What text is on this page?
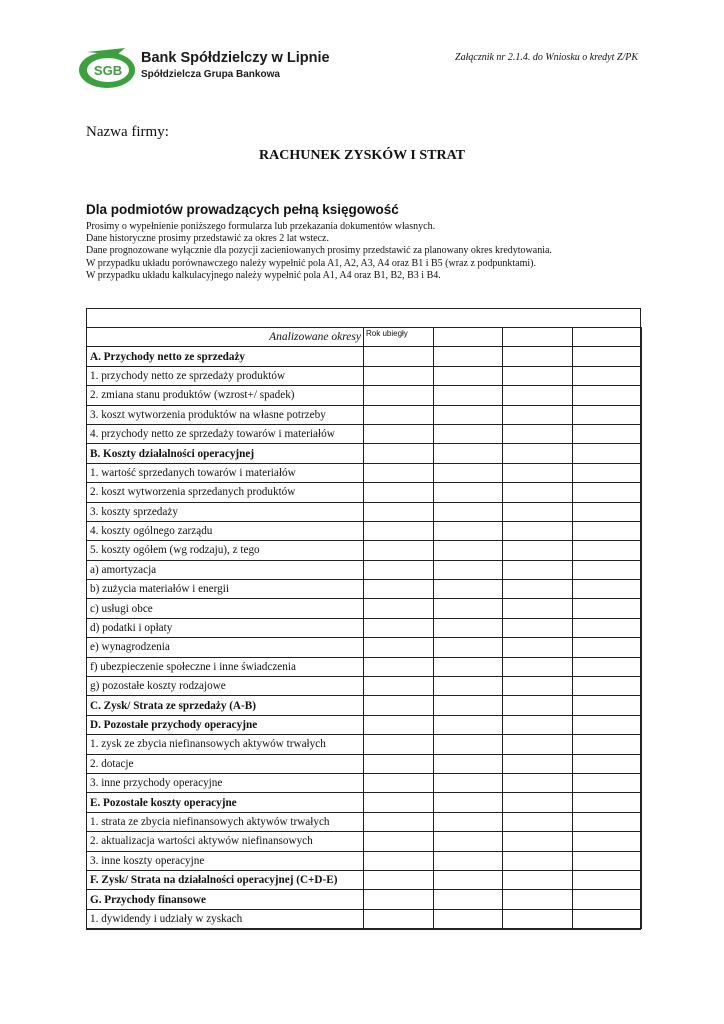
SGB
Bank Spółdzielczy w Lipnie
Spółdzielcza Grupa Bankowa
Załącznik nr 2.1.4. do Wniosku o kredyt Z/PK
Nazwa firmy:
RACHUNEK ZYSKÓW I STRAT
Dla podmiotów prowadzących pełną księgowość
Prosimy o wypełnienie poniższego formularza lub przekazania dokumentów własnych.
Dane historyczne prosimy przedstawić za okres 2 lat wstecz.
Dane prognozowane wyłącznie dla pozycji zacieniowanych prosimy przedstawić za planowany okres kredytowania.
W przypadku układu porównawczego należy wypełnić pola A1, A2, A3, A4 oraz B1 i B5 (wraz z podpunktami).
W przypadku układu kalkulacyjnego należy wypełnić pola A1, A4 oraz B1, B2, B3 i B4.
Analizowane okresy	Rok ubiegły			
A. Przychody netto ze sprzedaży				
1. przychody netto ze sprzedaży produktów				
2. zmiana stanu produktów (wzrost+/ spadek)				
3. koszt wytworzenia produktów na własne potrzeby				
4. przychody netto ze sprzedaży towarów i materiałów				
B. Koszty działalności operacyjnej				
1. wartość sprzedanych towarów i materiałów				
2. koszt wytworzenia sprzedanych produktów				
3. koszty sprzedaży				
4. koszty ogólnego zarządu				
5. koszty ogółem (wg rodzaju), z tego				
a) amortyzacja				
b) zużycia materiałów i energii				
c) usługi obce				
d) podatki i opłaty				
e) wynagrodzenia				
f) ubezpieczenie społeczne i inne świadczenia				
g) pozostałe koszty rodzajowe				
C. Zysk/ Strata ze sprzedaży (A-B)				
D. Pozostałe przychody operacyjne				
1. zysk ze zbycia niefinansowych aktywów trwałych				
2. dotacje				
3. inne przychody operacyjne				
E. Pozostałe koszty operacyjne				
1. strata ze zbycia niefinansowych aktywów trwałych				
2. aktualizacja wartości aktywów niefinansowych				
3. inne koszty operacyjne				
F. Zysk/ Strata na działalności operacyjnej (C+D-E)				
G. Przychody finansowe				
1. dywidendy i udziały w zyskach				
